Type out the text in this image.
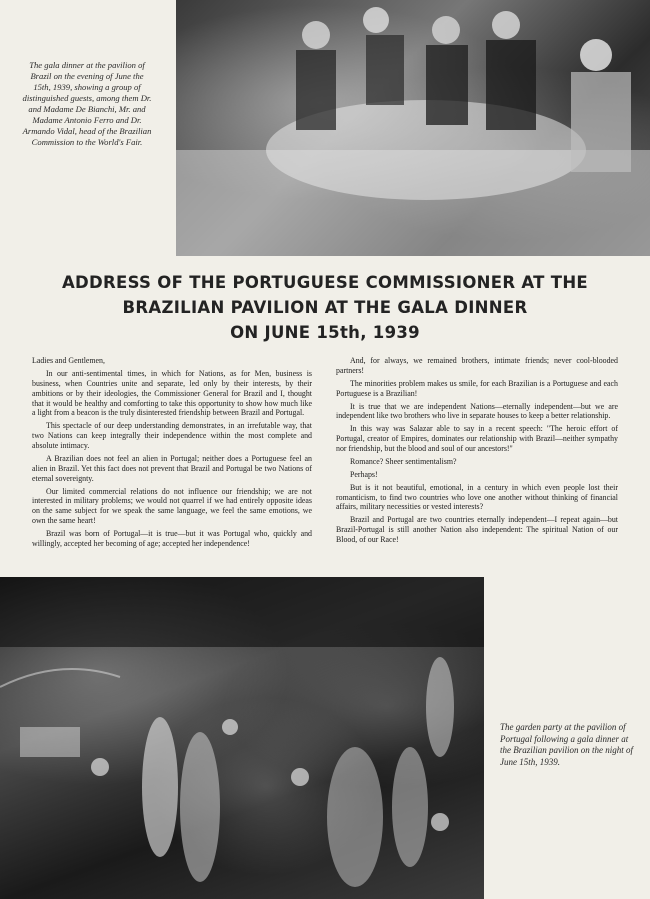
The gala dinner at the pavilion of Brazil on the evening of June the 15th, 1939, showing a group of distinguished guests, among them Dr. and Madame De Bianchi, Mr. and Madame Antonio Ferro and Dr. Armando Vidal, head of the Brazilian Commission to the World's Fair.
ADDRESS OF THE PORTUGUESE COMMISSIONER AT THE
BRAZILIAN PAVILION AT THE GALA DINNER
ON JUNE 15th, 1939

Ladies and Gentlemen,

In our anti-sentimental times, in which for Nations, as for Men, business is business, when Countries unite and separate, led only by their interests, by their ambitions or by their ideologies, the Commissioner General for Brazil and I, thought that it would be healthy and comforting to take this opportunity to show how much like a light from a beacon is the truly disinterested friendship between Brazil and Portugal.

This spectacle of our deep understanding demonstrates, in an irrefutable way, that two Nations can keep integrally their independence within the most complete and absolute intimacy.

A Brazilian does not feel an alien in Portugal; neither does a Portuguese feel an alien in Brazil. Yet this fact does not prevent that Brazil and Portugal be two Nations of eternal sovereignty.

Our limited commercial relations do not influence our friendship; we are not interested in military problems; we would not quarrel if we had entirely opposite ideas on the same subject for we speak the same language, we feel the same emotions, we own the same heart!

Brazil was born of Portugal—it is true—but it was Portugal who, quickly and willingly, accepted her becoming of age; accepted her independence!

And, for always, we remained brothers, intimate friends; never cool-blooded partners!

The minorities problem makes us smile, for each Brazilian is a Portuguese and each Portuguese is a Brazilian!

It is true that we are independent Nations—eternally independent—but we are independent like two brothers who live in separate houses to keep a better relationship.

In this way was Salazar able to say in a recent speech: "The heroic effort of Portugal, creator of Empires, dominates our relationship with Brazil—neither sympathy nor friendship, but the blood and soul of our ancestors!"

Romance? Sheer sentimentalism?

Perhaps!

But is it not beautiful, emotional, in a century in which even people lost their romanticism, to find two countries who love one another without thinking of financial affairs, military necessities or vested interests?

Brazil and Portugal are two countries eternally independent—I repeat again—but Brazil-Portugal is still another Nation also independent: The spiritual Nation of our Blood, of our Race!

The garden party at the pavilion of Portugal following a gala dinner at the Brazilian pavilion on the night of June 15th, 1939.
